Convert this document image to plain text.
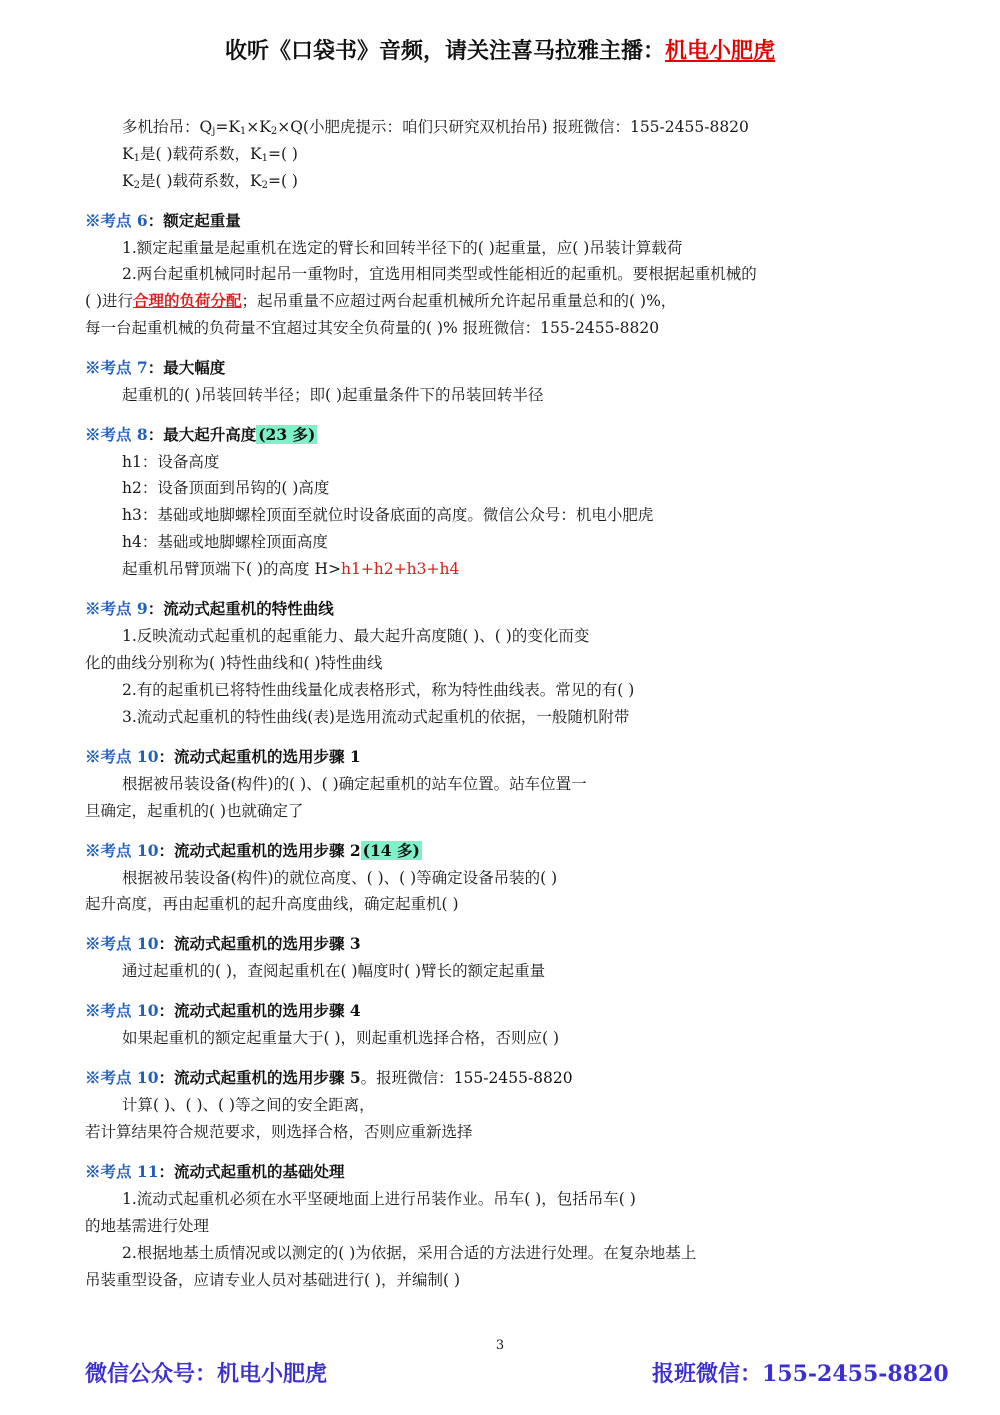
收听《口袋书》音频，请关注喜马拉雅主播：机电小肥虎
多机抬吊：$Q_j=K_1\times K_2\times Q$(小肥虎提示：咱们只研究双机抬吊) 报班微信：155-2455-8820
$K_1$是( )载荷系数，$K_1=$( )
$K_2$是( )载荷系数，$K_2=$( )
※考点 6：额定起重量
1.额定起重量是起重机在选定的臂长和回转半径下的( )起重量，应( )吊装计算载荷
2.两台起重机械同时起吊一重物时，宜选用相同类型或性能相近的起重机。要根据起重机械的
( )进行合理的负荷分配；起吊重量不应超过两台起重机械所允许起吊重量总和的( )%，
每一台起重机械的负荷量不宜超过其安全负荷量的( )% 报班微信：155-2455-8820
※考点 7：最大幅度
起重机的( )吊装回转半径；即( )起重量条件下的吊装回转半径
※考点 8：最大起升高度 (23 多)
h1：设备高度
h2：设备顶面到吊钩的( )高度
h3：基础或地脚螺栓顶面至就位时设备底面的高度。微信公众号：机电小肥虎
h4：基础或地脚螺栓顶面高度
起重机吊臂顶端下( )的高度 H>h1+h2+h3+h4
※考点 9：流动式起重机的特性曲线
1.反映流动式起重机的起重能力、最大起升高度随( )、( )的变化而变
化的曲线分别称为( )特性曲线和( )特性曲线
2.有的起重机已将特性曲线量化成表格形式，称为特性曲线表。常见的有( )
3.流动式起重机的特性曲线(表)是选用流动式起重机的依据，一般随机附带
※考点 10：流动式起重机的选用步骤 1
根据被吊装设备(构件)的( )、( )确定起重机的站车位置。站车位置一
旦确定，起重机的( )也就确定了
※考点 10：流动式起重机的选用步骤 2 (14 多)
根据被吊装设备(构件)的就位高度、( )、( )等确定设备吊装的( )
起升高度，再由起重机的起升高度曲线，确定起重机( )
※考点 10：流动式起重机的选用步骤 3
通过起重机的( )，查阅起重机在( )幅度时( )臂长的额定起重量
※考点 10：流动式起重机的选用步骤 4
如果起重机的额定起重量大于( )，则起重机选择合格，否则应( )
※考点 10：流动式起重机的选用步骤 5。报班微信：155-2455-8820
计算( )、( )、( )等之间的安全距离，
若计算结果符合规范要求，则选择合格，否则应重新选择
※考点 11：流动式起重机的基础处理
1.流动式起重机必须在水平坚硬地面上进行吊装作业。吊车( )，包括吊车( )
的地基需进行处理
2.根据地基土质情况或以测定的( )为依据，采用合适的方法进行处理。在复杂地基上
吊装重型设备，应请专业人员对基础进行( )，并编制( )
3
微信公众号：机电小肥虎	报班微信：155-2455-8820
